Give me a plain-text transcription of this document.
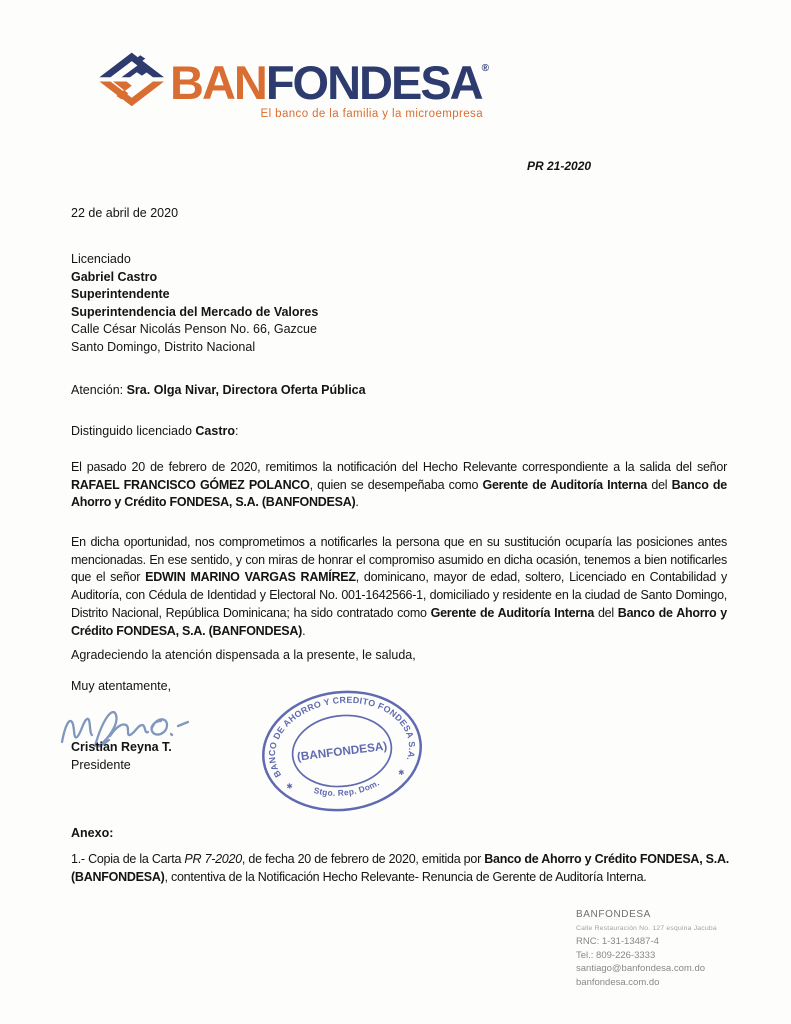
BANFONDESA®
El banco de la familia y la microempresa
PR 21-2020
22 de abril de 2020
Licenciado
Gabriel Castro
Superintendente
Superintendencia del Mercado de Valores
Calle César Nicolás Penson No. 66, Gazcue
Santo Domingo, Distrito Nacional
Atención: Sra. Olga Nivar, Directora Oferta Pública
Distinguido licenciado Castro:

El pasado 20 de febrero de 2020, remitimos la notificación del Hecho Relevante correspondiente a la salida del señor RAFAEL FRANCISCO GÓMEZ POLANCO, quien se desempeñaba como Gerente de Auditoría Interna del Banco de Ahorro y Crédito FONDESA, S.A. (BANFONDESA).

En dicha oportunidad, nos comprometimos a notificarles la persona que en su sustitución ocuparía las posiciones antes mencionadas. En ese sentido, y con miras de honrar el compromiso asumido en dicha ocasión, tenemos a bien notificarles que el señor EDWIN MARINO VARGAS RAMÍREZ, dominicano, mayor de edad, soltero, Licenciado en Contabilidad y Auditoría, con Cédula de Identidad y Electoral No. 001-1642566-1, domiciliado y residente en la ciudad de Santo Domingo, Distrito Nacional, República Dominicana; ha sido contratado como Gerente de Auditoría Interna del Banco de Ahorro y Crédito FONDESA, S.A. (BANFONDESA).

Agradeciendo la atención dispensada a la presente, le saluda,
Muy atentamente,
Cristian Reyna T.
Presidente
BANCO DE AHORRO Y CREDITO FONDESA S.A.
Stgo. Rep. Dom.
(BANFONDESA)
✱
✱
Anexo:

1.- Copia de la Carta PR 7-2020, de fecha 20 de febrero de 2020, emitida por Banco de Ahorro y Crédito FONDESA, S.A. (BANFONDESA), contentiva de la Notificación Hecho Relevante- Renuncia de Gerente de Auditoría Interna.

BANFONDESA
Calle Restauración No. 127 esquina Jacuba
RNC: 1-31-13487-4
Tel.: 809-226-3333
santiago@banfondesa.com.do
banfondesa.com.do
